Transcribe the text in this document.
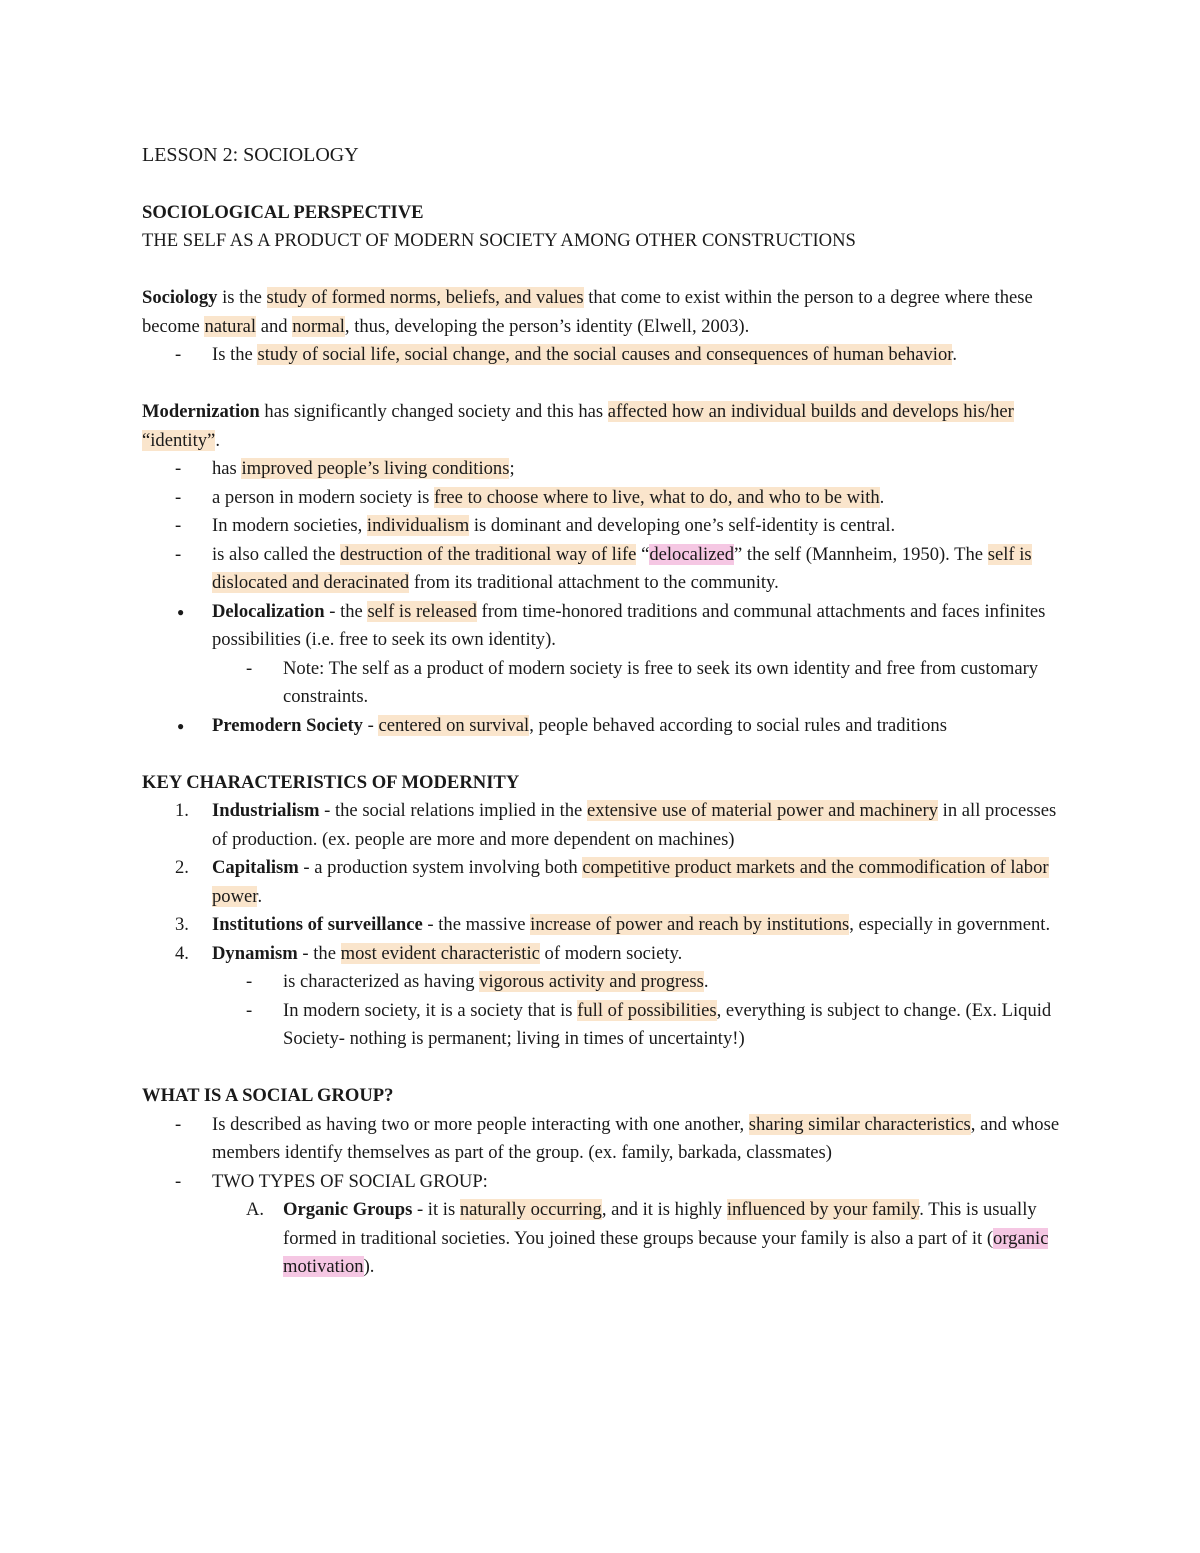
LESSON 2: SOCIOLOGY

SOCIOLOGICAL PERSPECTIVE

THE SELF AS A PRODUCT OF MODERN SOCIETY AMONG OTHER CONSTRUCTIONS

Sociology is the study of formed norms, beliefs, and values that come to exist within the person to a degree where these become natural and normal, thus, developing the person’s identity (Elwell, 2003).

- Is the study of social life, social change, and the social causes and consequences of human behavior.

Modernization has significantly changed society and this has affected how an individual builds and develops his/her “identity”.

- has improved people’s living conditions;
- a person in modern society is free to choose where to live, what to do, and who to be with.
- In modern societies, individualism is dominant and developing one’s self-identity is central.
- is also called the destruction of the traditional way of life “delocalized” the self (Mannheim, 1950). The self is dislocated and deracinated from its traditional attachment to the community.
● Delocalization - the self is released from time-honored traditions and communal attachments and faces infinites possibilities (i.e. free to seek its own identity).
- Note: The self as a product of modern society is free to seek its own identity and free from customary constraints.
● Premodern Society - centered on survival, people behaved according to social rules and traditions

KEY CHARACTERISTICS OF MODERNITY

1. Industrialism - the social relations implied in the extensive use of material power and machinery in all processes of production. (ex. people are more and more dependent on machines)
2. Capitalism - a production system involving both competitive product markets and the commodification of labor power.
3. Institutions of surveillance - the massive increase of power and reach by institutions, especially in government.
4. Dynamism - the most evident characteristic of modern society.
- is characterized as having vigorous activity and progress.
- In modern society, it is a society that is full of possibilities, everything is subject to change. (Ex. Liquid Society- nothing is permanent; living in times of uncertainty!)

WHAT IS A SOCIAL GROUP?

- Is described as having two or more people interacting with one another, sharing similar characteristics, and whose members identify themselves as part of the group. (ex. family, barkada, classmates)
- TWO TYPES OF SOCIAL GROUP:
A. Organic Groups - it is naturally occurring, and it is highly influenced by your family. This is usually formed in traditional societies. You joined these groups because your family is also a part of it (organic motivation).
